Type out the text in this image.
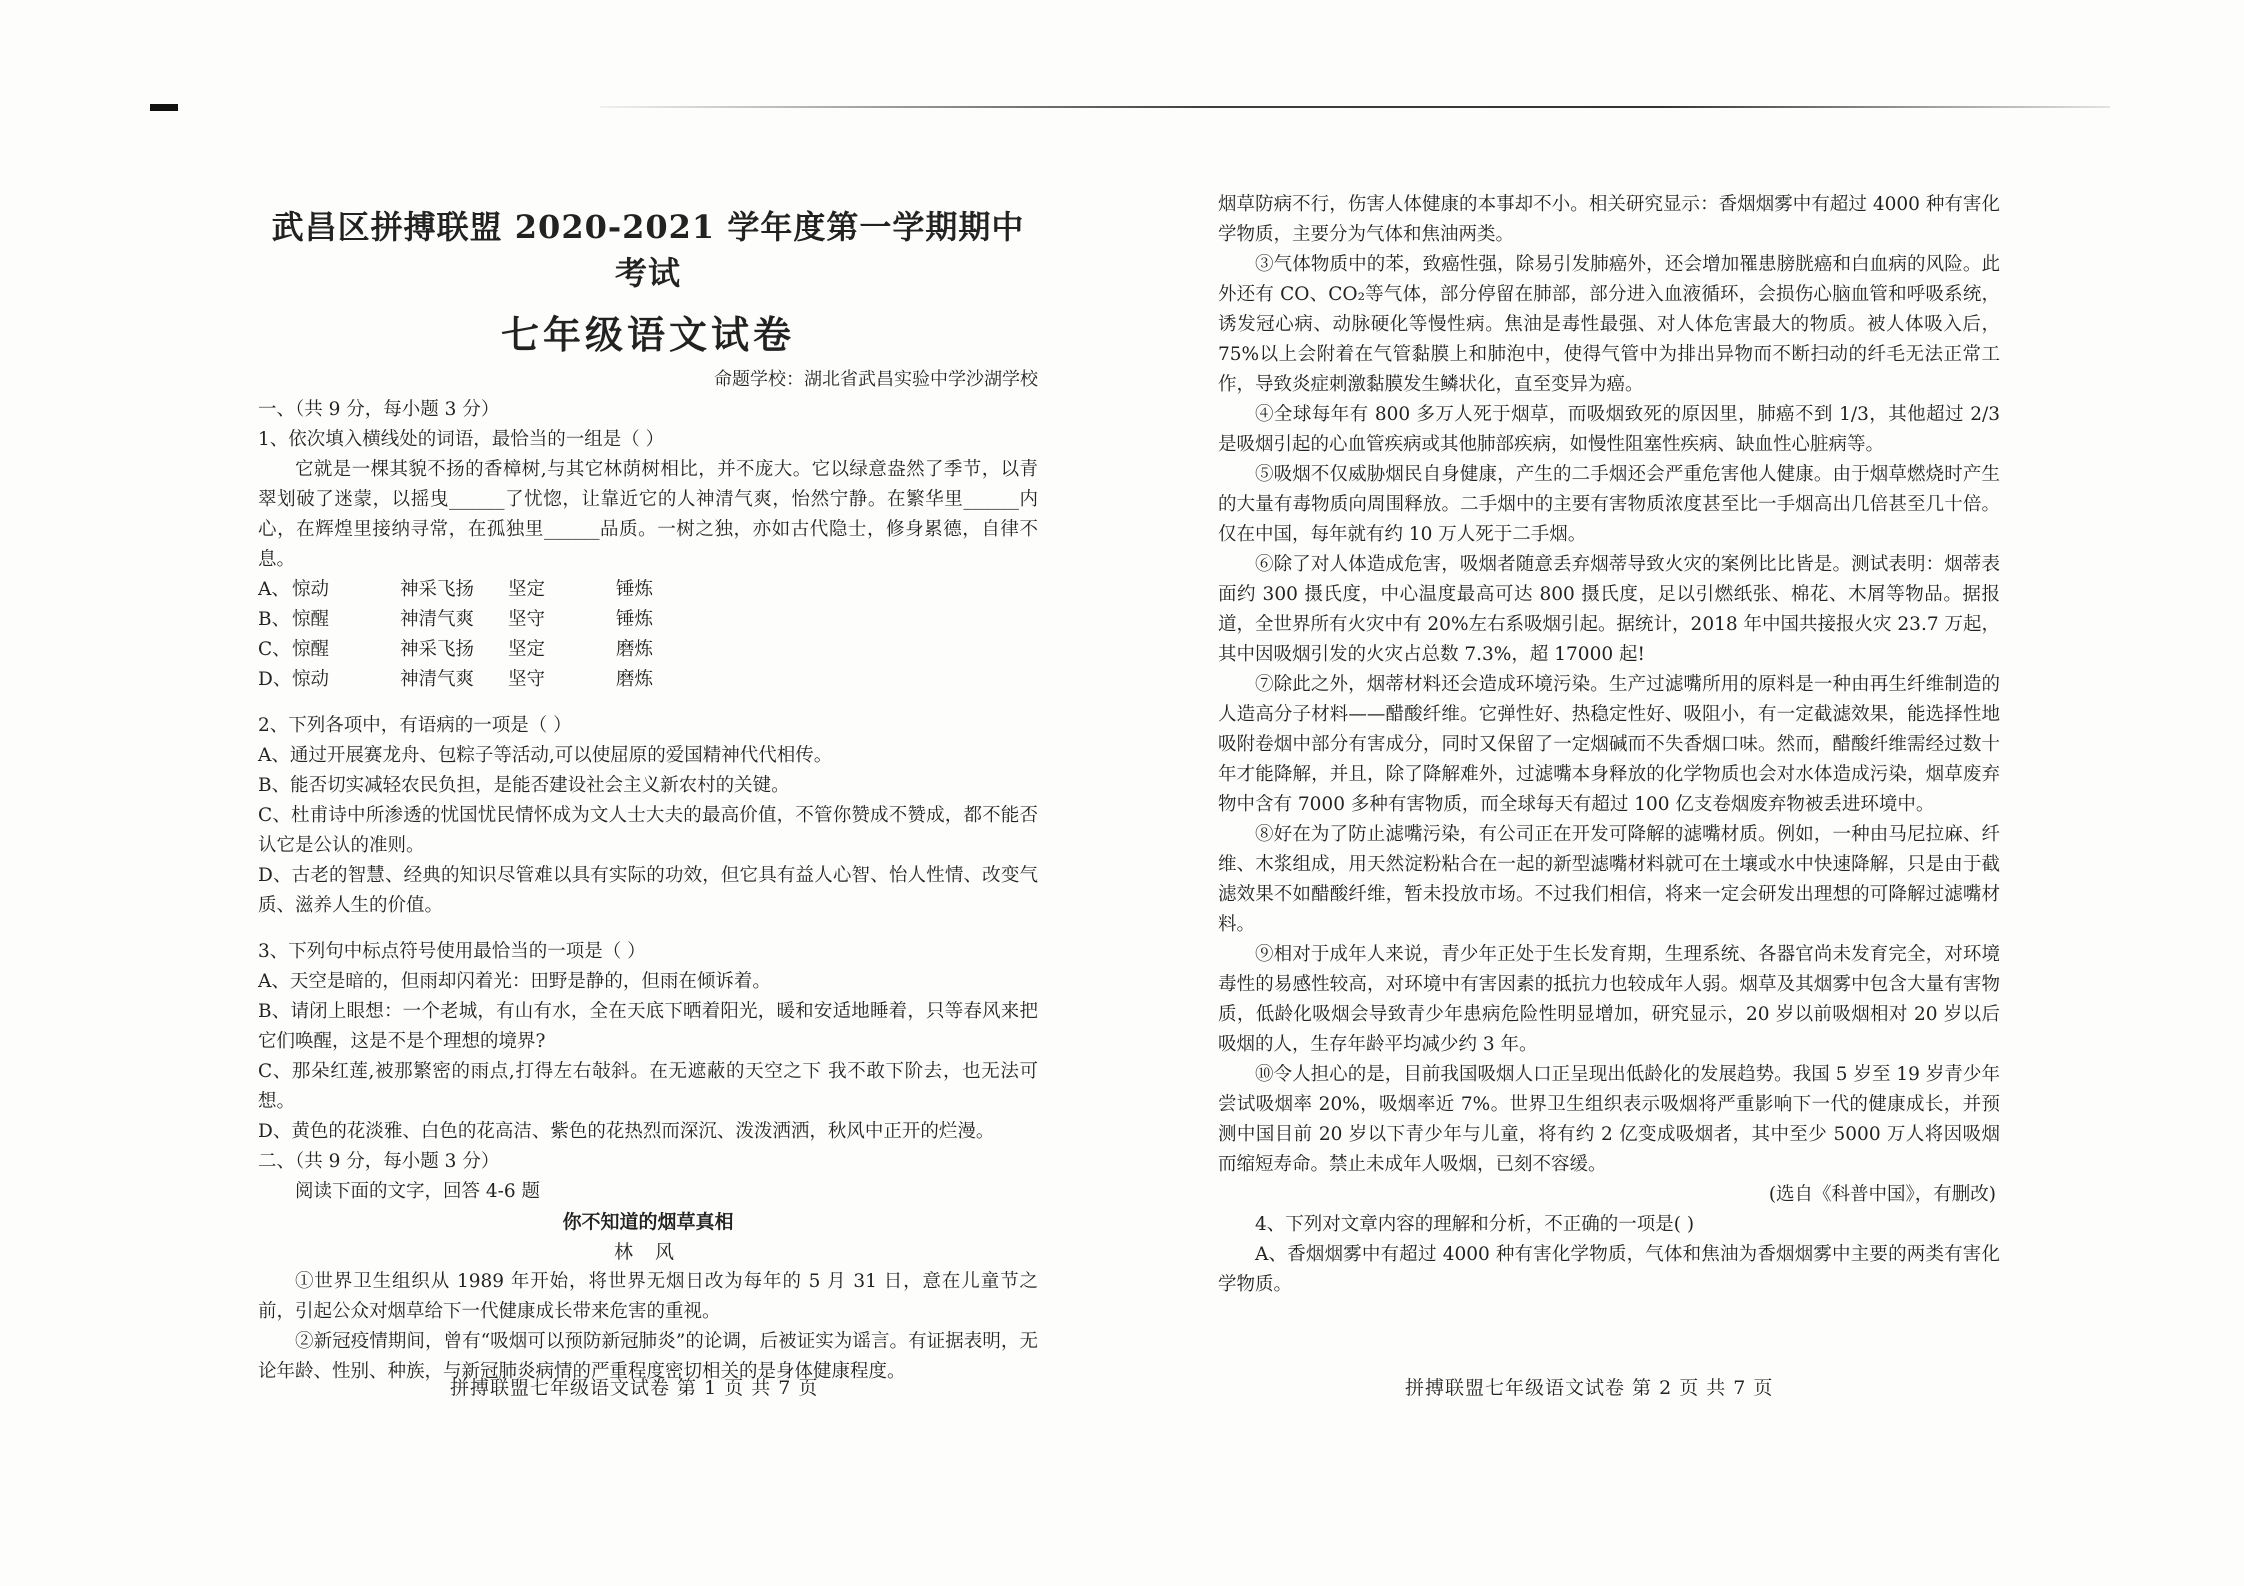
武昌区拼搏联盟 2020-2021 学年度第一学期期中考试
七年级语文试卷
命题学校：湖北省武昌实验中学沙湖学校
一、（共 9 分，每小题 3 分）
1、依次填入横线处的词语，最恰当的一组是（ ）
它就是一棵其貌不扬的香樟树,与其它林荫树相比，并不庞大。它以绿意盎然了季节，以青翠划破了迷蒙，以摇曳______了忧惚，让靠近它的人神清气爽，怡然宁静。在繁华里______内心，在辉煌里接纳寻常，在孤独里______品质。一树之独，亦如古代隐士，修身累德，自律不息。
A、 惊动	神采飞扬	坚定	锤炼
B、 惊醒	神清气爽	坚守	锤炼
C、 惊醒	神采飞扬	坚定	磨炼
D、 惊动	神清气爽	坚守	磨炼
2、下列各项中，有语病的一项是（ ）
A、通过开展赛龙舟、包粽子等活动,可以使屈原的爱国精神代代相传。
B、能否切实减轻农民负担，是能否建设社会主义新农村的关键。
C、杜甫诗中所渗透的忧国忧民情怀成为文人士大夫的最高价值，不管你赞成不赞成，都不能否认它是公认的准则。
D、古老的智慧、经典的知识尽管难以具有实际的功效，但它具有益人心智、怡人性情、改变气质、滋养人生的价值。
3、下列句中标点符号使用最恰当的一项是（ ）
A、天空是暗的，但雨却闪着光：田野是静的，但雨在倾诉着。
B、请闭上眼想：一个老城，有山有水，全在天底下晒着阳光，暖和安适地睡着，只等春风来把它们唤醒，这是不是个理想的境界?
C、那朵红莲,被那繁密的雨点,打得左右敧斜。在无遮蔽的天空之下 我不敢下阶去，也无法可想。
D、黄色的花淡雅、白色的花高洁、紫色的花热烈而深沉、泼泼洒洒，秋风中正开的烂漫。
二、（共 9 分，每小题 3 分）
阅读下面的文字，回答 4-6 题
你不知道的烟草真相
林 风
①世界卫生组织从 1989 年开始，将世界无烟日改为每年的 5 月 31 日，意在儿童节之前，引起公众对烟草给下一代健康成长带来危害的重视。
②新冠疫情期间，曾有“吸烟可以预防新冠肺炎”的论调，后被证实为谣言。有证据表明，无论年龄、性别、种族，与新冠肺炎病情的严重程度密切相关的是身体健康程度。
烟草防病不行，伤害人体健康的本事却不小。相关研究显示：香烟烟雾中有超过 4000 种有害化学物质，主要分为气体和焦油两类。
③气体物质中的苯，致癌性强，除易引发肺癌外，还会增加罹患膀胱癌和白血病的风险。此外还有 CO、CO₂等气体，部分停留在肺部，部分进入血液循环，会损伤心脑血管和呼吸系统，诱发冠心病、动脉硬化等慢性病。焦油是毒性最强、对人体危害最大的物质。被人体吸入后，75%以上会附着在气管黏膜上和肺泡中，使得气管中为排出异物而不断扫动的纤毛无法正常工作，导致炎症刺激黏膜发生鳞状化，直至变异为癌。
④全球每年有 800 多万人死于烟草，而吸烟致死的原因里，肺癌不到 1/3，其他超过 2/3 是吸烟引起的心血管疾病或其他肺部疾病，如慢性阻塞性疾病、缺血性心脏病等。
⑤吸烟不仅威胁烟民自身健康，产生的二手烟还会严重危害他人健康。由于烟草燃烧时产生的大量有毒物质向周围释放。二手烟中的主要有害物质浓度甚至比一手烟高出几倍甚至几十倍。仅在中国，每年就有约 10 万人死于二手烟。
⑥除了对人体造成危害，吸烟者随意丢弃烟蒂导致火灾的案例比比皆是。测试表明：烟蒂表面约 300 摄氏度，中心温度最高可达 800 摄氏度，足以引燃纸张、棉花、木屑等物品。据报道，全世界所有火灾中有 20%左右系吸烟引起。据统计，2018 年中国共接报火灾 23.7 万起，其中因吸烟引发的火灾占总数 7.3%，超 17000 起!
⑦除此之外，烟蒂材料还会造成环境污染。生产过滤嘴所用的原料是一种由再生纤维制造的人造高分子材料——醋酸纤维。它弹性好、热稳定性好、吸阻小，有一定截滤效果，能选择性地吸附卷烟中部分有害成分，同时又保留了一定烟碱而不失香烟口味。然而，醋酸纤维需经过数十年才能降解，并且，除了降解难外，过滤嘴本身释放的化学物质也会对水体造成污染，烟草废弃物中含有 7000 多种有害物质，而全球每天有超过 100 亿支卷烟废弃物被丢进环境中。
⑧好在为了防止滤嘴污染，有公司正在开发可降解的滤嘴材质。例如，一种由马尼拉麻、纤维、木浆组成，用天然淀粉粘合在一起的新型滤嘴材料就可在土壤或水中快速降解，只是由于截滤效果不如醋酸纤维，暂未投放市场。不过我们相信，将来一定会研发出理想的可降解过滤嘴材料。
⑨相对于成年人来说，青少年正处于生长发育期，生理系统、各器官尚未发育完全，对环境毒性的易感性较高，对环境中有害因素的抵抗力也较成年人弱。烟草及其烟雾中包含大量有害物质，低龄化吸烟会导致青少年患病危险性明显增加，研究显示，20 岁以前吸烟相对 20 岁以后吸烟的人，生存年龄平均减少约 3 年。
⑩令人担心的是，目前我国吸烟人口正呈现出低龄化的发展趋势。我国 5 岁至 19 岁青少年尝试吸烟率 20%，吸烟率近 7%。世界卫生组织表示吸烟将严重影响下一代的健康成长，并预测中国目前 20 岁以下青少年与儿童，将有约 2 亿变成吸烟者，其中至少 5000 万人将因吸烟而缩短寿命。禁止未成年人吸烟，已刻不容缓。
(选自《科普中国》，有删改)
4、下列对文章内容的理解和分析，不正确的一项是( )
A、香烟烟雾中有超过 4000 种有害化学物质，气体和焦油为香烟烟雾中主要的两类有害化学物质。
拼搏联盟七年级语文试卷 第 1 页 共 7 页	拼搏联盟七年级语文试卷 第 2 页 共 7 页
